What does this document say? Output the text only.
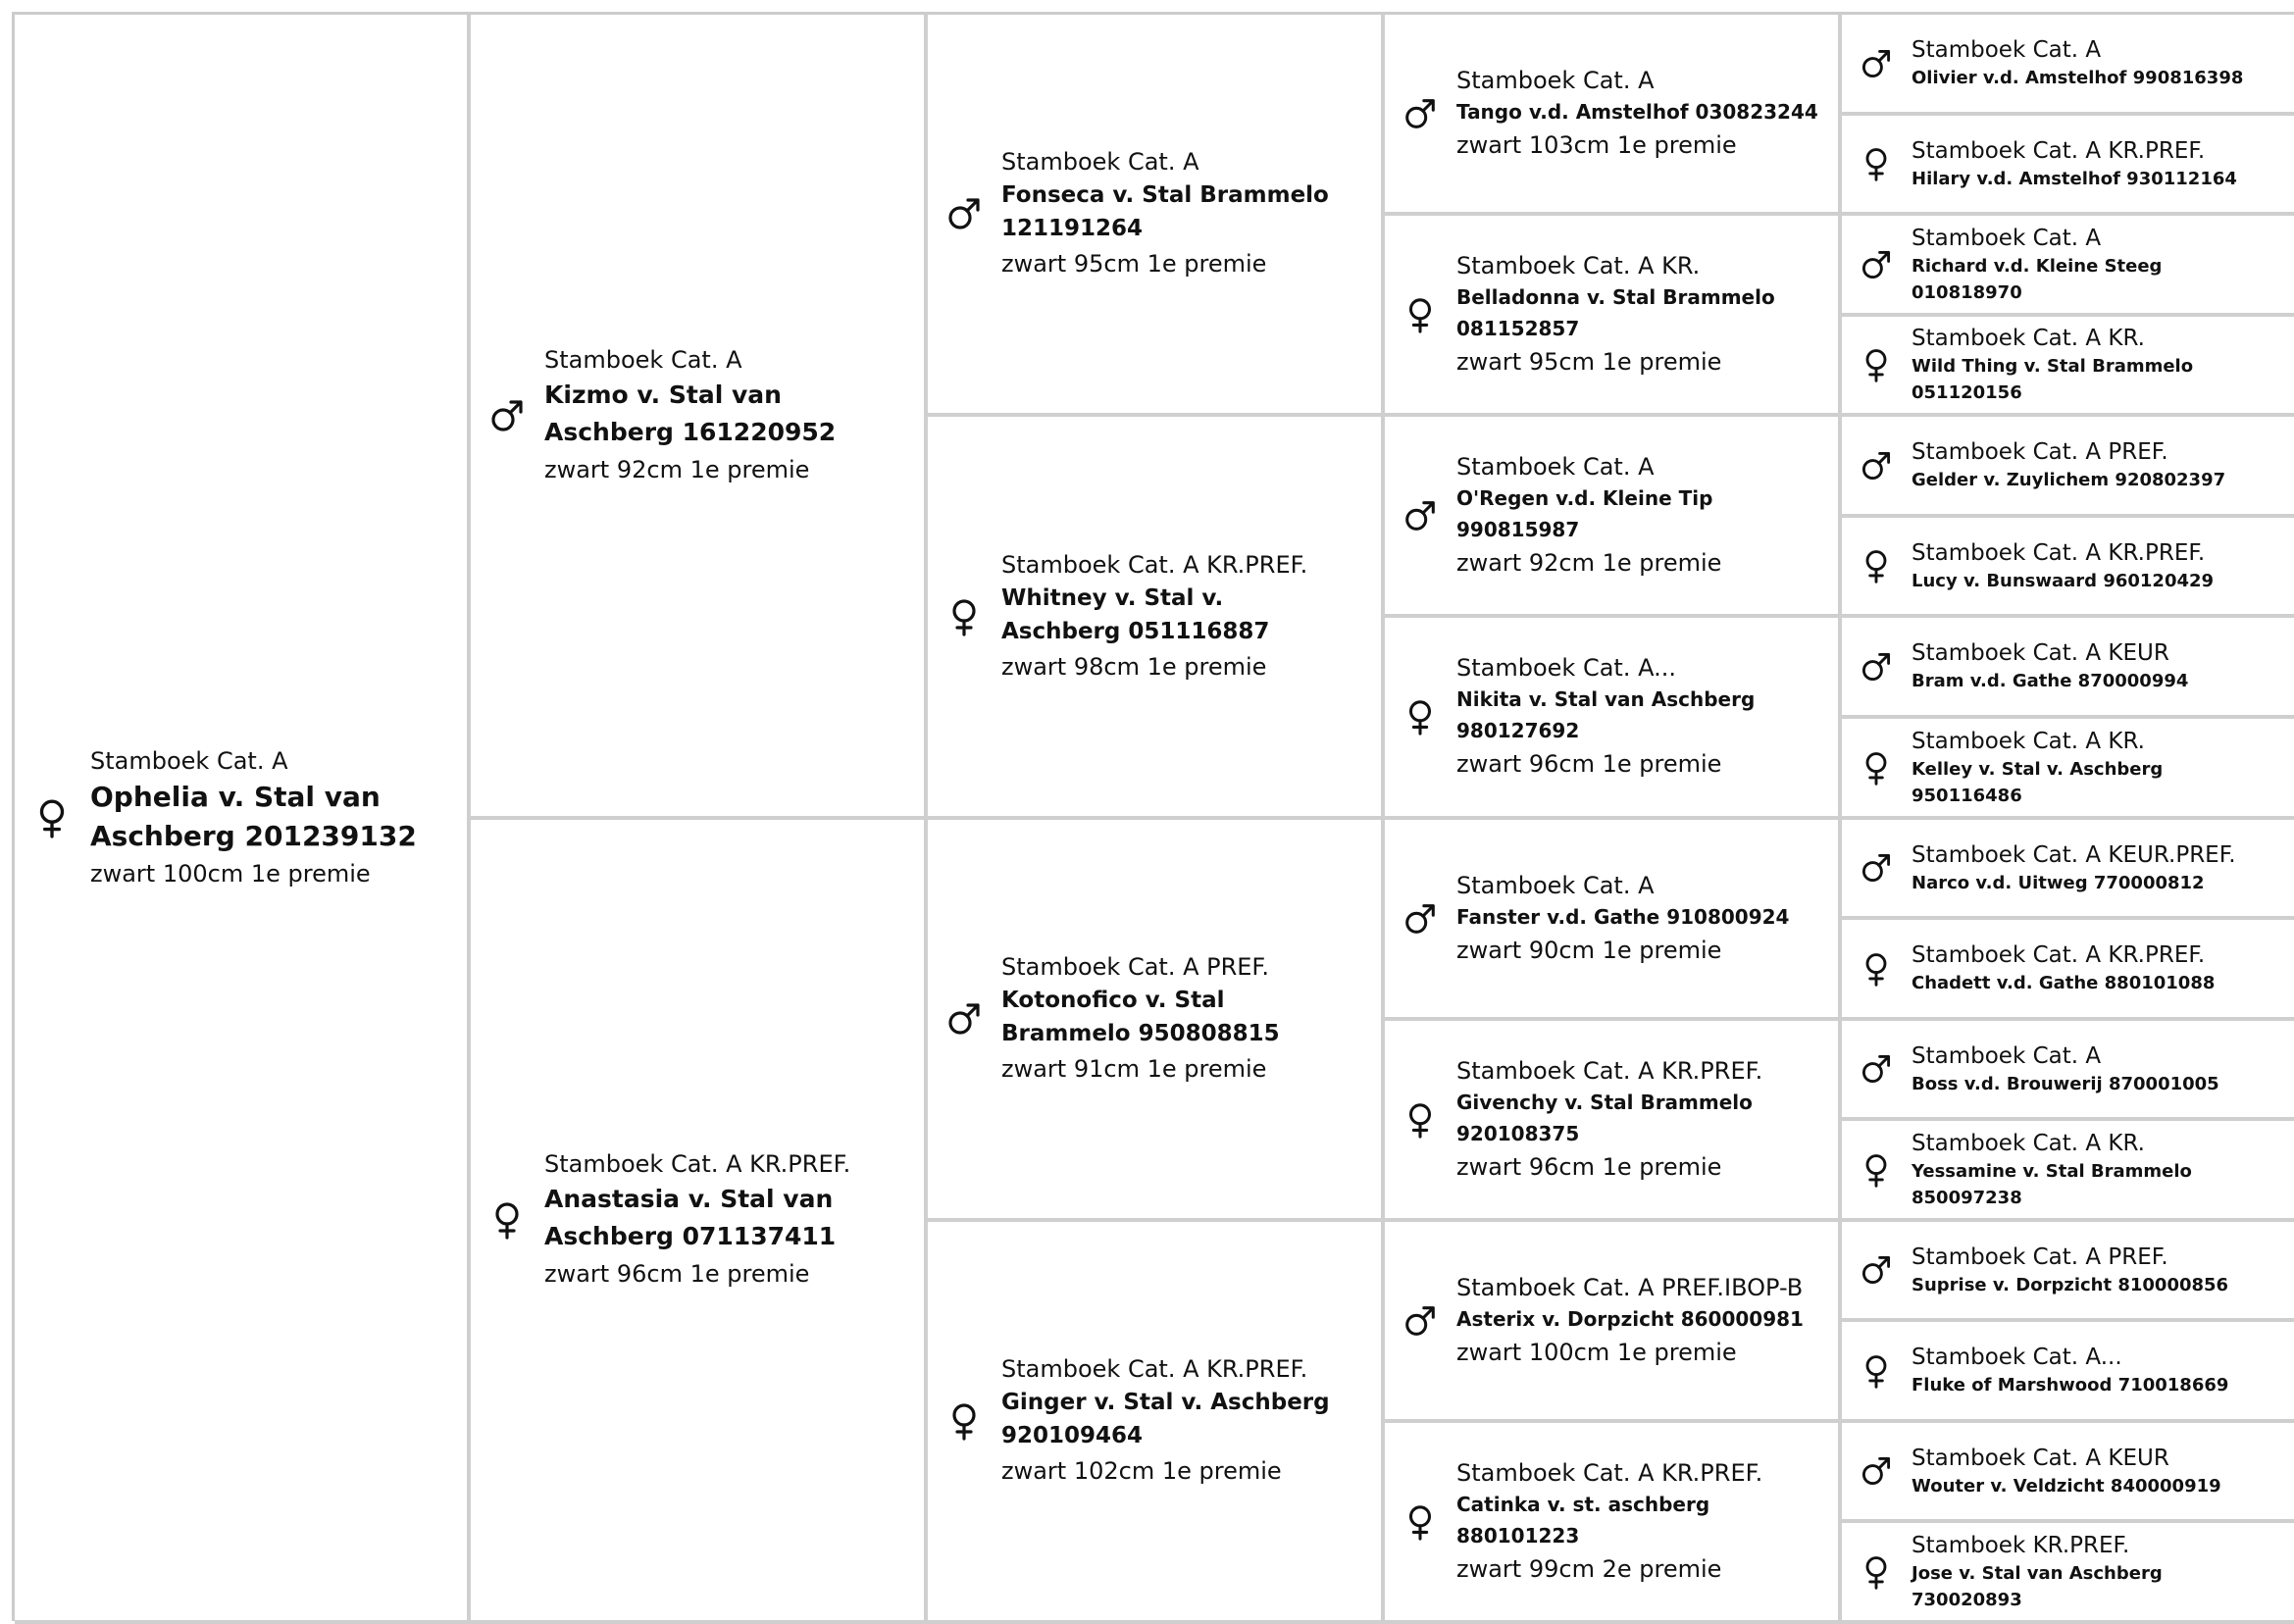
Stamboek Cat. A
Ophelia v. Stal van Aschberg 201239132
zwart 100cm 1e premie
Stamboek Cat. A
Kizmo v. Stal van Aschberg 161220952
zwart 92cm 1e premie
Stamboek Cat. A KR.PREF.
Anastasia v. Stal van Aschberg 071137411
zwart 96cm 1e premie
Stamboek Cat. A
Fonseca v. Stal Brammelo 121191264
zwart 95cm 1e premie
Stamboek Cat. A KR.PREF.
Whitney v. Stal v. Aschberg 051116887
zwart 98cm 1e premie
Stamboek Cat. A PREF.
Kotonofico v. Stal Brammelo 950808815
zwart 91cm 1e premie
Stamboek Cat. A KR.PREF.
Ginger v. Stal v. Aschberg 920109464
zwart 102cm 1e premie
Stamboek Cat. A
Tango v.d. Amstelhof 030823244
zwart 103cm 1e premie
Stamboek Cat. A KR.
Belladonna v. Stal Brammelo 081152857
zwart 95cm 1e premie
Stamboek Cat. A
O'Regen v.d. Kleine Tip 990815987
zwart 92cm 1e premie
Stamboek Cat. A...
Nikita v. Stal van Aschberg 980127692
zwart 96cm 1e premie
Stamboek Cat. A
Fanster v.d. Gathe 910800924
zwart 90cm 1e premie
Stamboek Cat. A KR.PREF.
Givenchy v. Stal Brammelo 920108375
zwart 96cm 1e premie
Stamboek Cat. A PREF.IBOP-B
Asterix v. Dorpzicht 860000981
zwart 100cm 1e premie
Stamboek Cat. A KR.PREF.
Catinka v. st. aschberg 880101223
zwart 99cm 2e premie
Stamboek Cat. A
Olivier v.d. Amstelhof 990816398
Stamboek Cat. A KR.PREF.
Hilary v.d. Amstelhof 930112164
Stamboek Cat. A
Richard v.d. Kleine Steeg 010818970
Stamboek Cat. A KR.
Wild Thing v. Stal Brammelo 051120156
Stamboek Cat. A PREF.
Gelder v. Zuylichem 920802397
Stamboek Cat. A KR.PREF.
Lucy v. Bunswaard 960120429
Stamboek Cat. A KEUR
Bram v.d. Gathe 870000994
Stamboek Cat. A KR.
Kelley v. Stal v. Aschberg 950116486
Stamboek Cat. A KEUR.PREF.
Narco v.d. Uitweg 770000812
Stamboek Cat. A KR.PREF.
Chadett v.d. Gathe 880101088
Stamboek Cat. A
Boss v.d. Brouwerij 870001005
Stamboek Cat. A KR.
Yessamine v. Stal Brammelo 850097238
Stamboek Cat. A PREF.
Suprise v. Dorpzicht 810000856
Stamboek Cat. A...
Fluke of Marshwood 710018669
Stamboek Cat. A KEUR
Wouter v. Veldzicht 840000919
Stamboek KR.PREF.
Jose v. Stal van Aschberg 730020893
